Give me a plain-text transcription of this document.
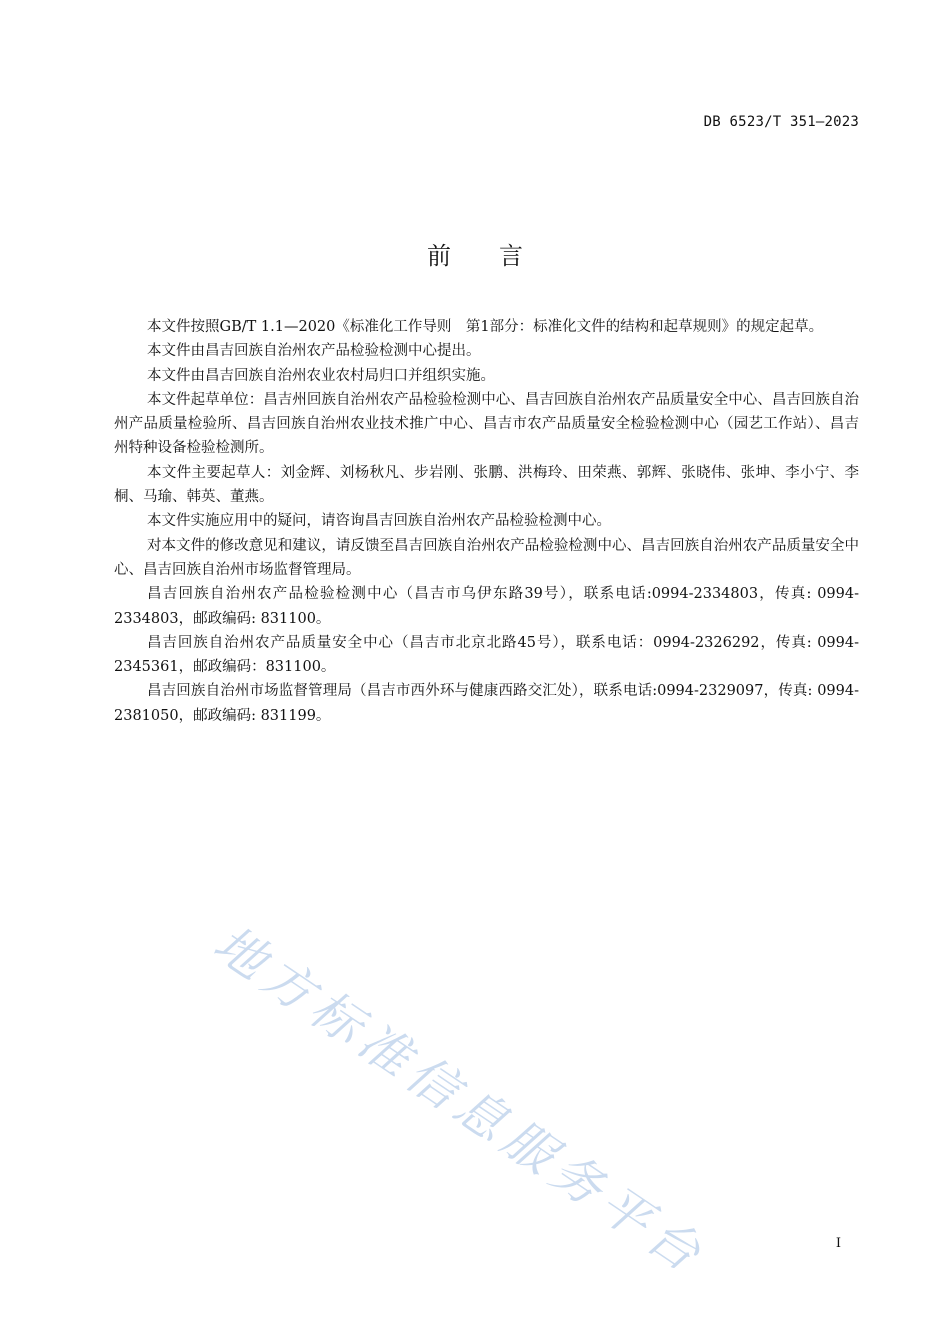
DB 6523/T 351—2023
前言

本文件按照GB/T 1.1—2020《标准化工作导则　第1部分：标准化文件的结构和起草规则》的规定起草。

本文件由昌吉回族自治州农产品检验检测中心提出。

本文件由昌吉回族自治州农业农村局归口并组织实施。

本文件起草单位：昌吉州回族自治州农产品检验检测中心、昌吉回族自治州农产品质量安全中心、昌吉回族自治州产品质量检验所、昌吉回族自治州农业技术推广中心、昌吉市农产品质量安全检验检测中心（园艺工作站）、昌吉州特种设备检验检测所。

本文件主要起草人：刘金辉、刘杨秋凡、步岩刚、张鹏、洪梅玲、田荣燕、郭辉、张晓伟、张坤、李小宁、李桐、马瑜、韩英、董燕。

本文件实施应用中的疑问，请咨询昌吉回族自治州农产品检验检测中心。

对本文件的修改意见和建议，请反馈至昌吉回族自治州农产品检验检测中心、昌吉回族自治州农产品质量安全中心、昌吉回族自治州市场监督管理局。

昌吉回族自治州农产品检验检测中心（昌吉市乌伊东路39号），联系电话:0994-2334803，传真: 0994-2334803，邮政编码: 831100。

昌吉回族自治州农产品质量安全中心（昌吉市北京北路45号），联系电话：0994-2326292，传真: 0994-2345361，邮政编码：831100。

昌吉回族自治州市场监督管理局（昌吉市西外环与健康西路交汇处），联系电话:0994-2329097，传真: 0994-2381050，邮政编码: 831199。

地方标准信息服务平台	I
